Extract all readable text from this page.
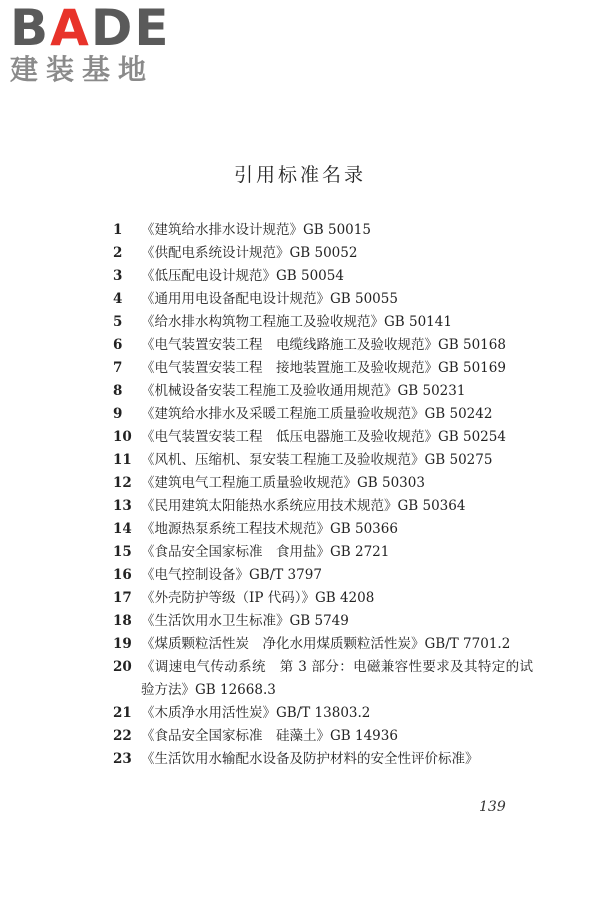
BADE
建装基地
引用标准名录
1	《建筑给水排水设计规范》GB 50015
2	《供配电系统设计规范》GB 50052
3	《低压配电设计规范》GB 50054
4	《通用用电设备配电设计规范》GB 50055
5	《给水排水构筑物工程施工及验收规范》GB 50141
6	《电气装置安装工程　电缆线路施工及验收规范》GB 50168
7	《电气装置安装工程　接地装置施工及验收规范》GB 50169
8	《机械设备安装工程施工及验收通用规范》GB 50231
9	《建筑给水排水及采暖工程施工质量验收规范》GB 50242
10 《电气装置安装工程　低压电器施工及验收规范》GB 50254
11 《风机、压缩机、泵安装工程施工及验收规范》GB 50275
12 《建筑电气工程施工质量验收规范》GB 50303
13 《民用建筑太阳能热水系统应用技术规范》GB 50364
14 《地源热泵系统工程技术规范》GB 50366
15 《食品安全国家标准　食用盐》GB 2721
16 《电气控制设备》GB/T 3797
17 《外壳防护等级（IP 代码）》GB 4208
18 《生活饮用水卫生标准》GB 5749
19 《煤质颗粒活性炭　净化水用煤质颗粒活性炭》GB/T 7701.2
20 《调速电气传动系统　第 3 部分：电磁兼容性要求及其特定的试验方法》GB 12668.3
21 《木质净水用活性炭》GB/T 13803.2
22 《食品安全国家标准　硅藻土》GB 14936
23 《生活饮用水输配水设备及防护材料的安全性评价标准》
139
